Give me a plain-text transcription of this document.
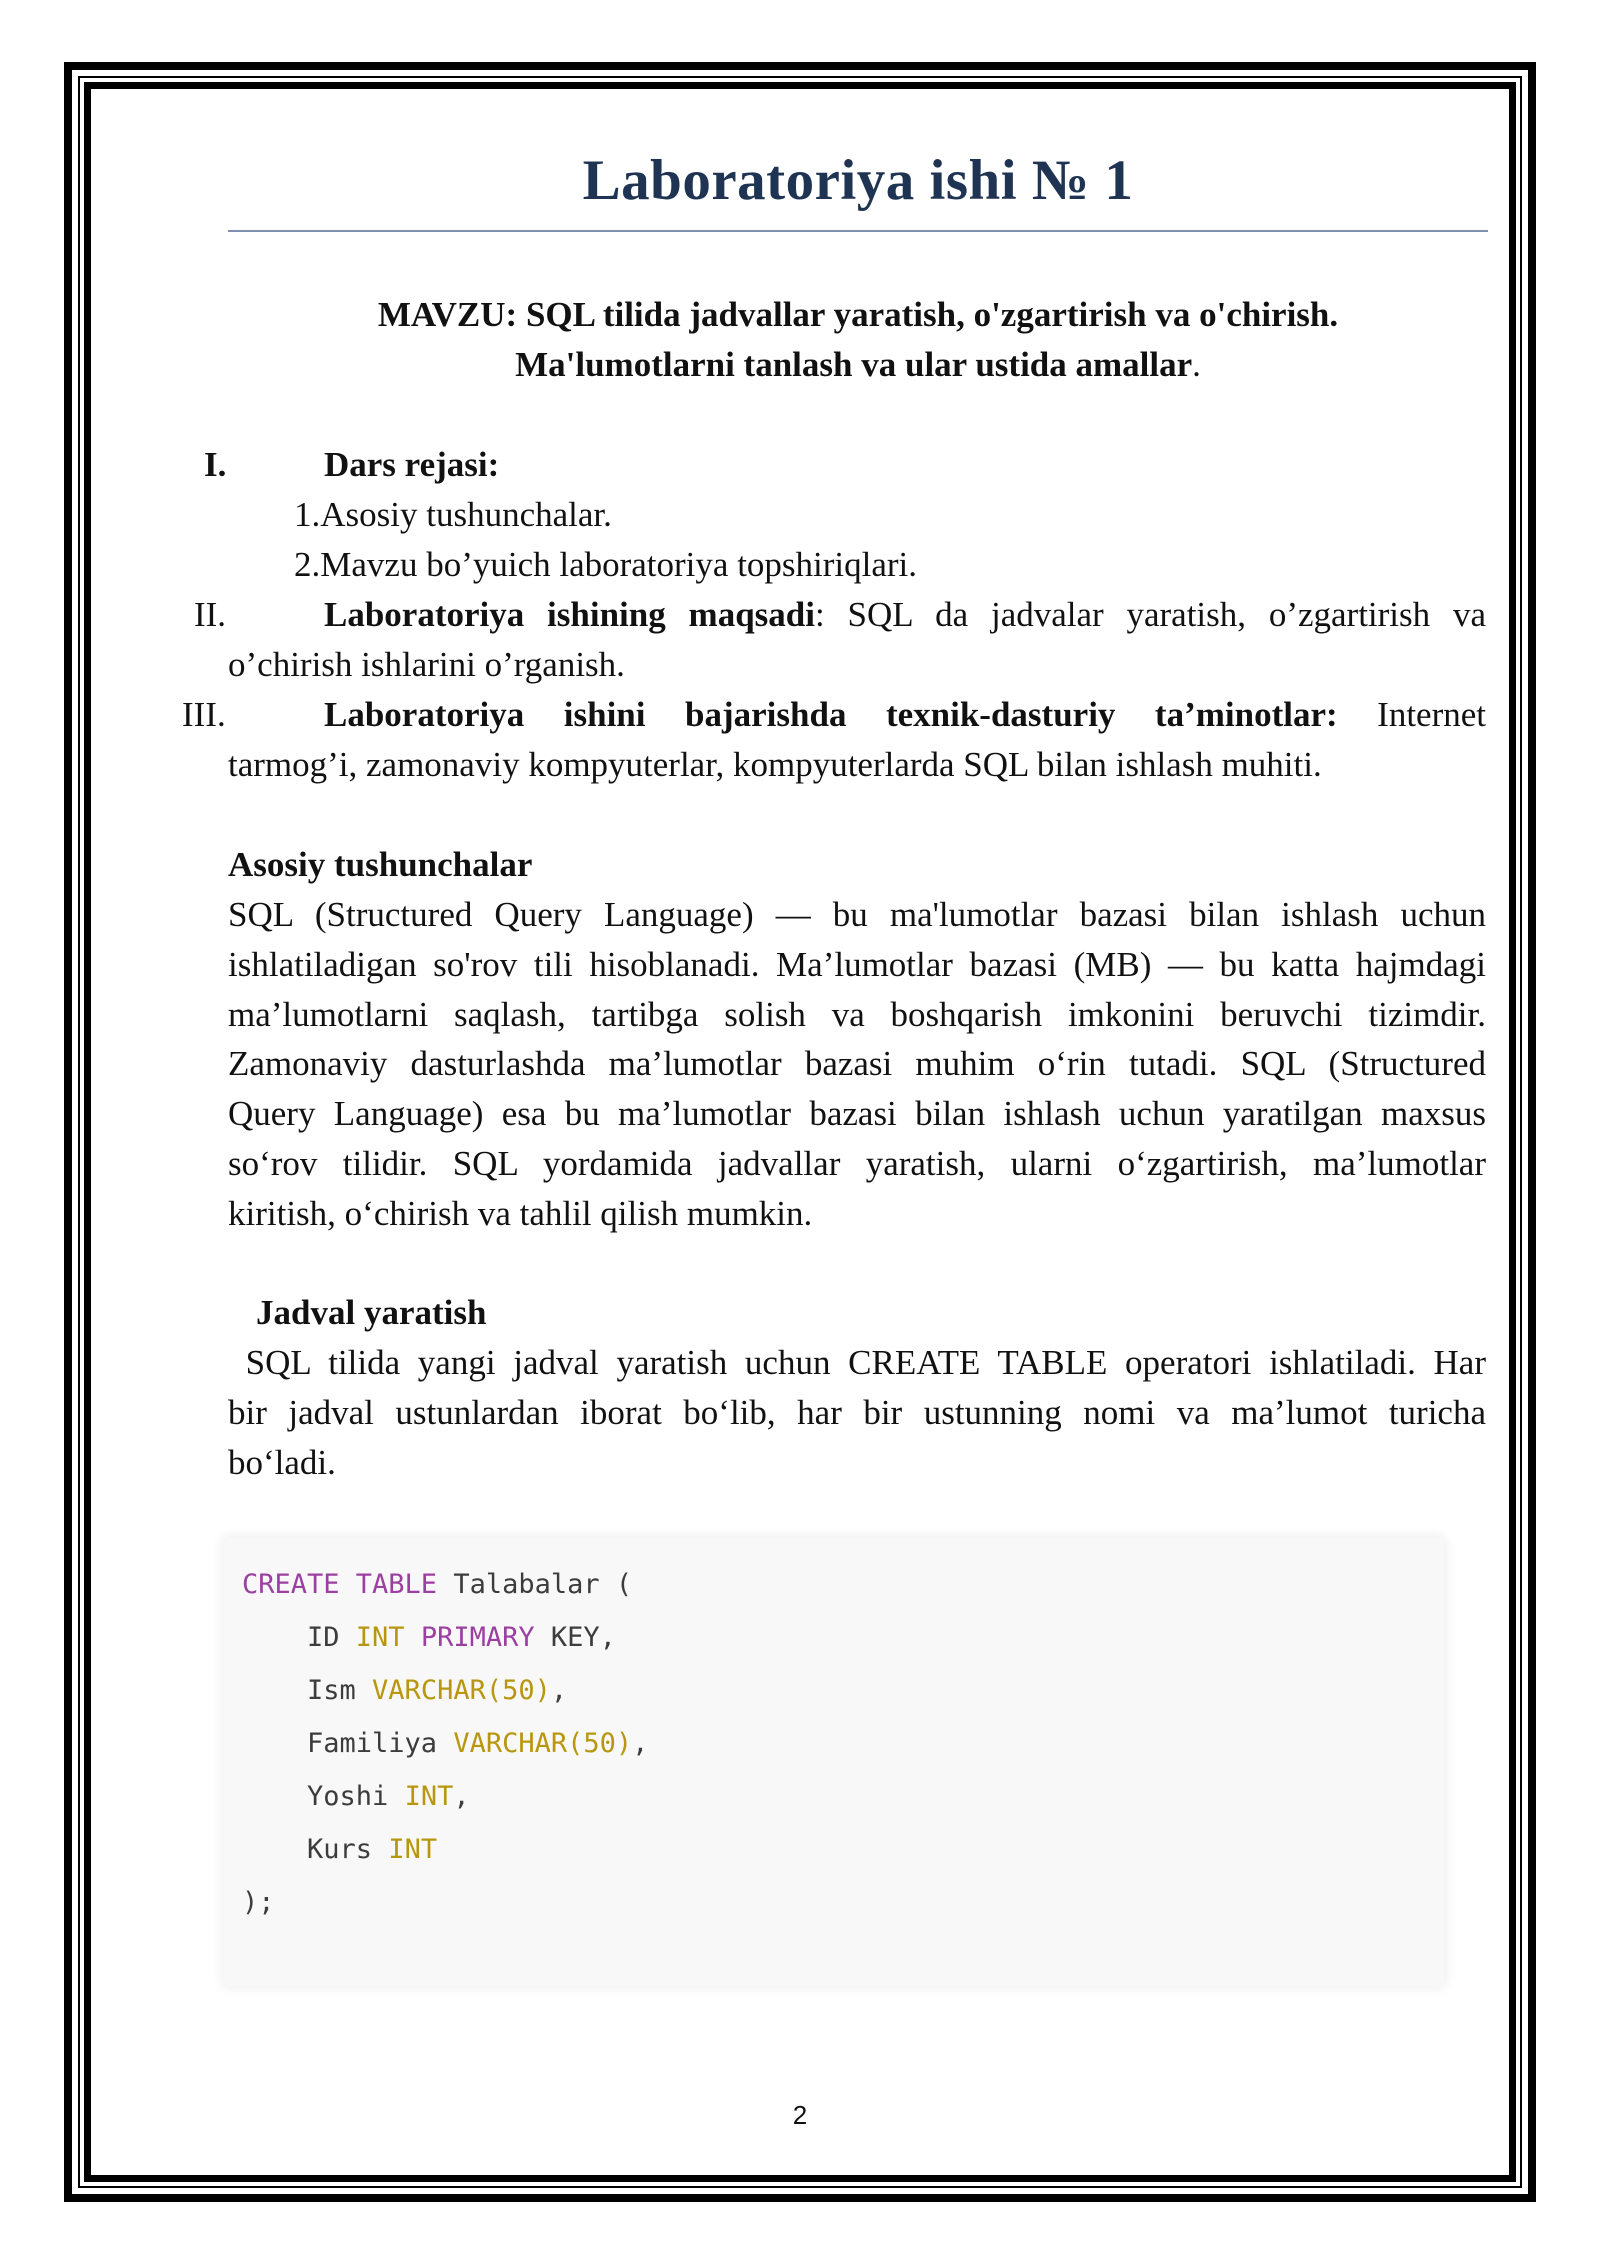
Laboratoriya ishi № 1
MAVZU: SQL tilida jadvallar yaratish, o'zgartirish va o'chirish.
Ma'lumotlarni tanlash va ular ustida amallar.
I.	Dars rejasi:
1.Asosiy tushunchalar.
2.Mavzu bo’yuich laboratoriya topshiriqlari.
II.	Laboratoriya ishining maqsadi: SQL da jadvalar yaratish, o’zgartirish va
o’chirish ishlarini o’rganish.
III.	Laboratoriya ishini bajarishda texnik-dasturiy ta’minotlar: Internet
tarmog’i, zamonaviy kompyuterlar, kompyuterlarda SQL bilan ishlash muhiti.
Asosiy tushunchalar
SQL (Structured Query Language) — bu ma'lumotlar bazasi bilan ishlash uchun
ishlatiladigan so'rov tili hisoblanadi. Ma’lumotlar bazasi (MB) — bu katta hajmdagi
ma’lumotlarni saqlash, tartibga solish va boshqarish imkonini beruvchi tizimdir.
Zamonaviy dasturlashda ma’lumotlar bazasi muhim o‘rin tutadi. SQL (Structured
Query Language) esa bu ma’lumotlar bazasi bilan ishlash uchun yaratilgan maxsus
so‘rov tilidir. SQL yordamida jadvallar yaratish, ularni o‘zgartirish, ma’lumotlar
kiritish, o‘chirish va tahlil qilish mumkin.
Jadval yaratish
SQL tilida yangi jadval yaratish uchun CREATE TABLE operatori ishlatiladi. Har
bir jadval ustunlardan iborat bo‘lib, har bir ustunning nomi va ma’lumot turicha
bo‘ladi.
CREATE TABLE Talabalar (
ID INT PRIMARY KEY,
Ism VARCHAR(50),
Familiya VARCHAR(50),
Yoshi INT,
Kurs INT
);
2
